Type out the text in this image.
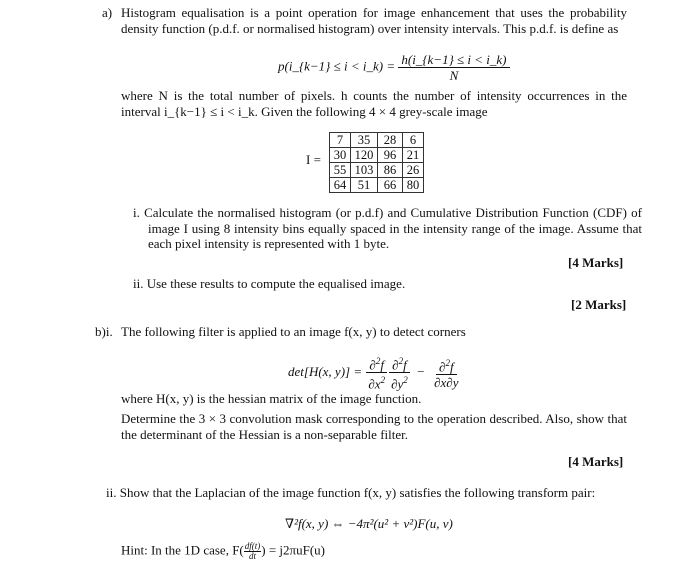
a) Histogram equalisation is a point operation for image enhancement that uses the probability density function (p.d.f. or normalised histogram) over intensity intervals. This p.d.f. is define as
p(i_{k−1} ≤ i < i_k) = $\frac{h(i\_\{k-1\} \le i < i\_k)}{N}$
where N is the total number of pixels. h counts the number of intensity occurrences in the interval i_{k−1} ≤ i < i_k. Given the following 4 × 4 grey-scale image
I =
7	35	28	6
30	120	96	21
55	103	86	26
64	51	66	80
i. Calculate the normalised histogram (or p.d.f) and Cumulative Distribution Function (CDF) of image I using 8 intensity bins equally spaced in the intensity range of the image. Assume that each pixel intensity is represented with 1 byte.
[4 Marks]
ii. Use these results to compute the equalised image.
[2 Marks]
b)i. The following filter is applied to an image f(x, y) to detect corners
det[H(x, $y)] = \frac{\partial^2f}{\partial x^2} \frac{\partial^2f}{\partial y^2} - \frac{\partial^2f}{\partial x\partial y}$
where H(x, y) is the hessian matrix of the image function.
Determine the 3 × 3 convolution mask corresponding to the operation described. Also, show that the determinant of the Hessian is a non-separable filter.
[4 Marks]
ii. Show that the Laplacian of the image function f(x, y) satisfies the following transform pair:
∇²f(x, y) ⇔ −4π²(u² + v²)F(u, v)
Hint: In the 1D case, $F( \frac{df(t)}{dt}$ ) = j2πuF(u)
